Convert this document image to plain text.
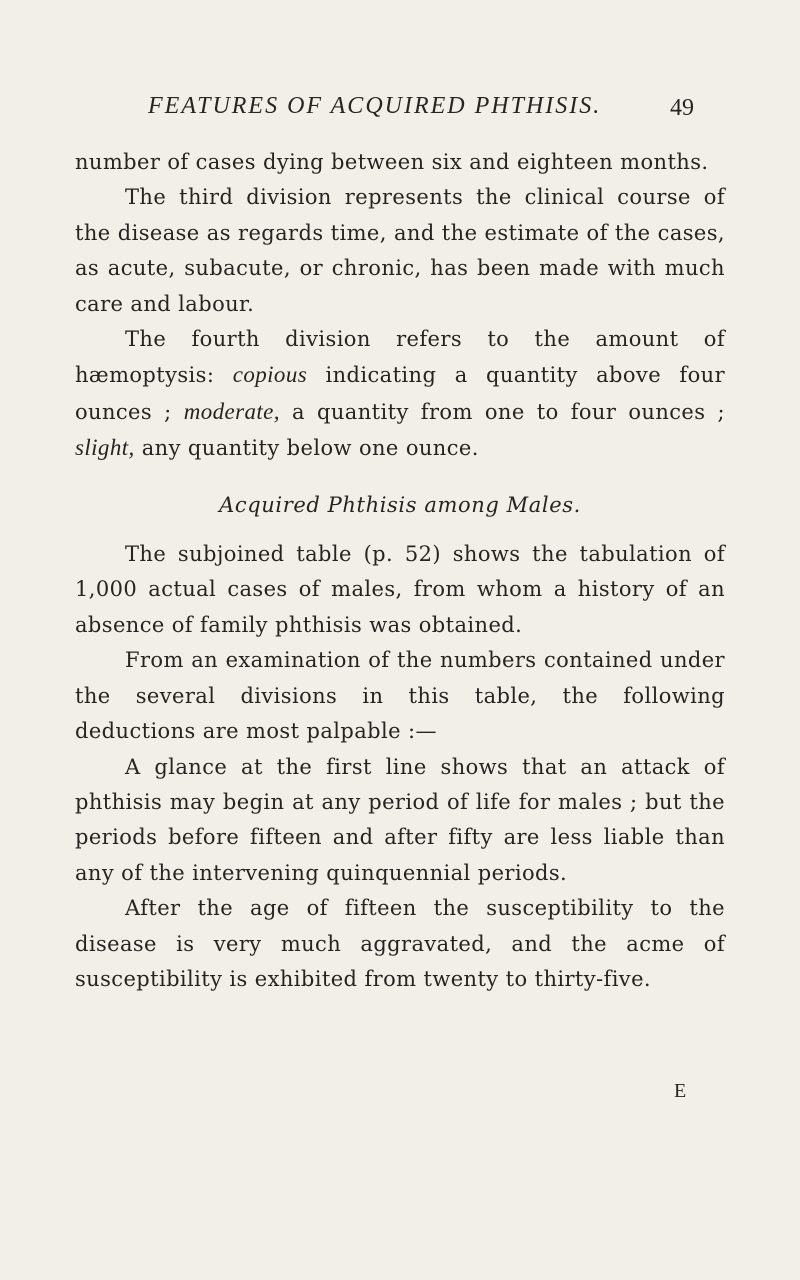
FEATURES OF ACQUIRED PHTHISIS.	49

number of cases dying between six and eighteen months.

The third division represents the clinical course of the disease as regards time, and the estimate of the cases, as acute, subacute, or chronic, has been made with much care and labour.

The fourth division refers to the amount of hæmoptysis: copious indicating a quantity above four ounces ; moderate, a quantity from one to four ounces ; slight, any quantity below one ounce.

Acquired Phthisis among Males.

The subjoined table (p. 52) shows the tabulation of 1,000 actual cases of males, from whom a history of an absence of family phthisis was obtained.

From an examination of the numbers contained under the several divisions in this table, the following deductions are most palpable :—

A glance at the first line shows that an attack of phthisis may begin at any period of life for males ; but the periods before fifteen and after fifty are less liable than any of the intervening quinquennial periods.

After the age of fifteen the susceptibility to the disease is very much aggravated, and the acme of susceptibility is exhibited from twenty to thirty-five.

E
